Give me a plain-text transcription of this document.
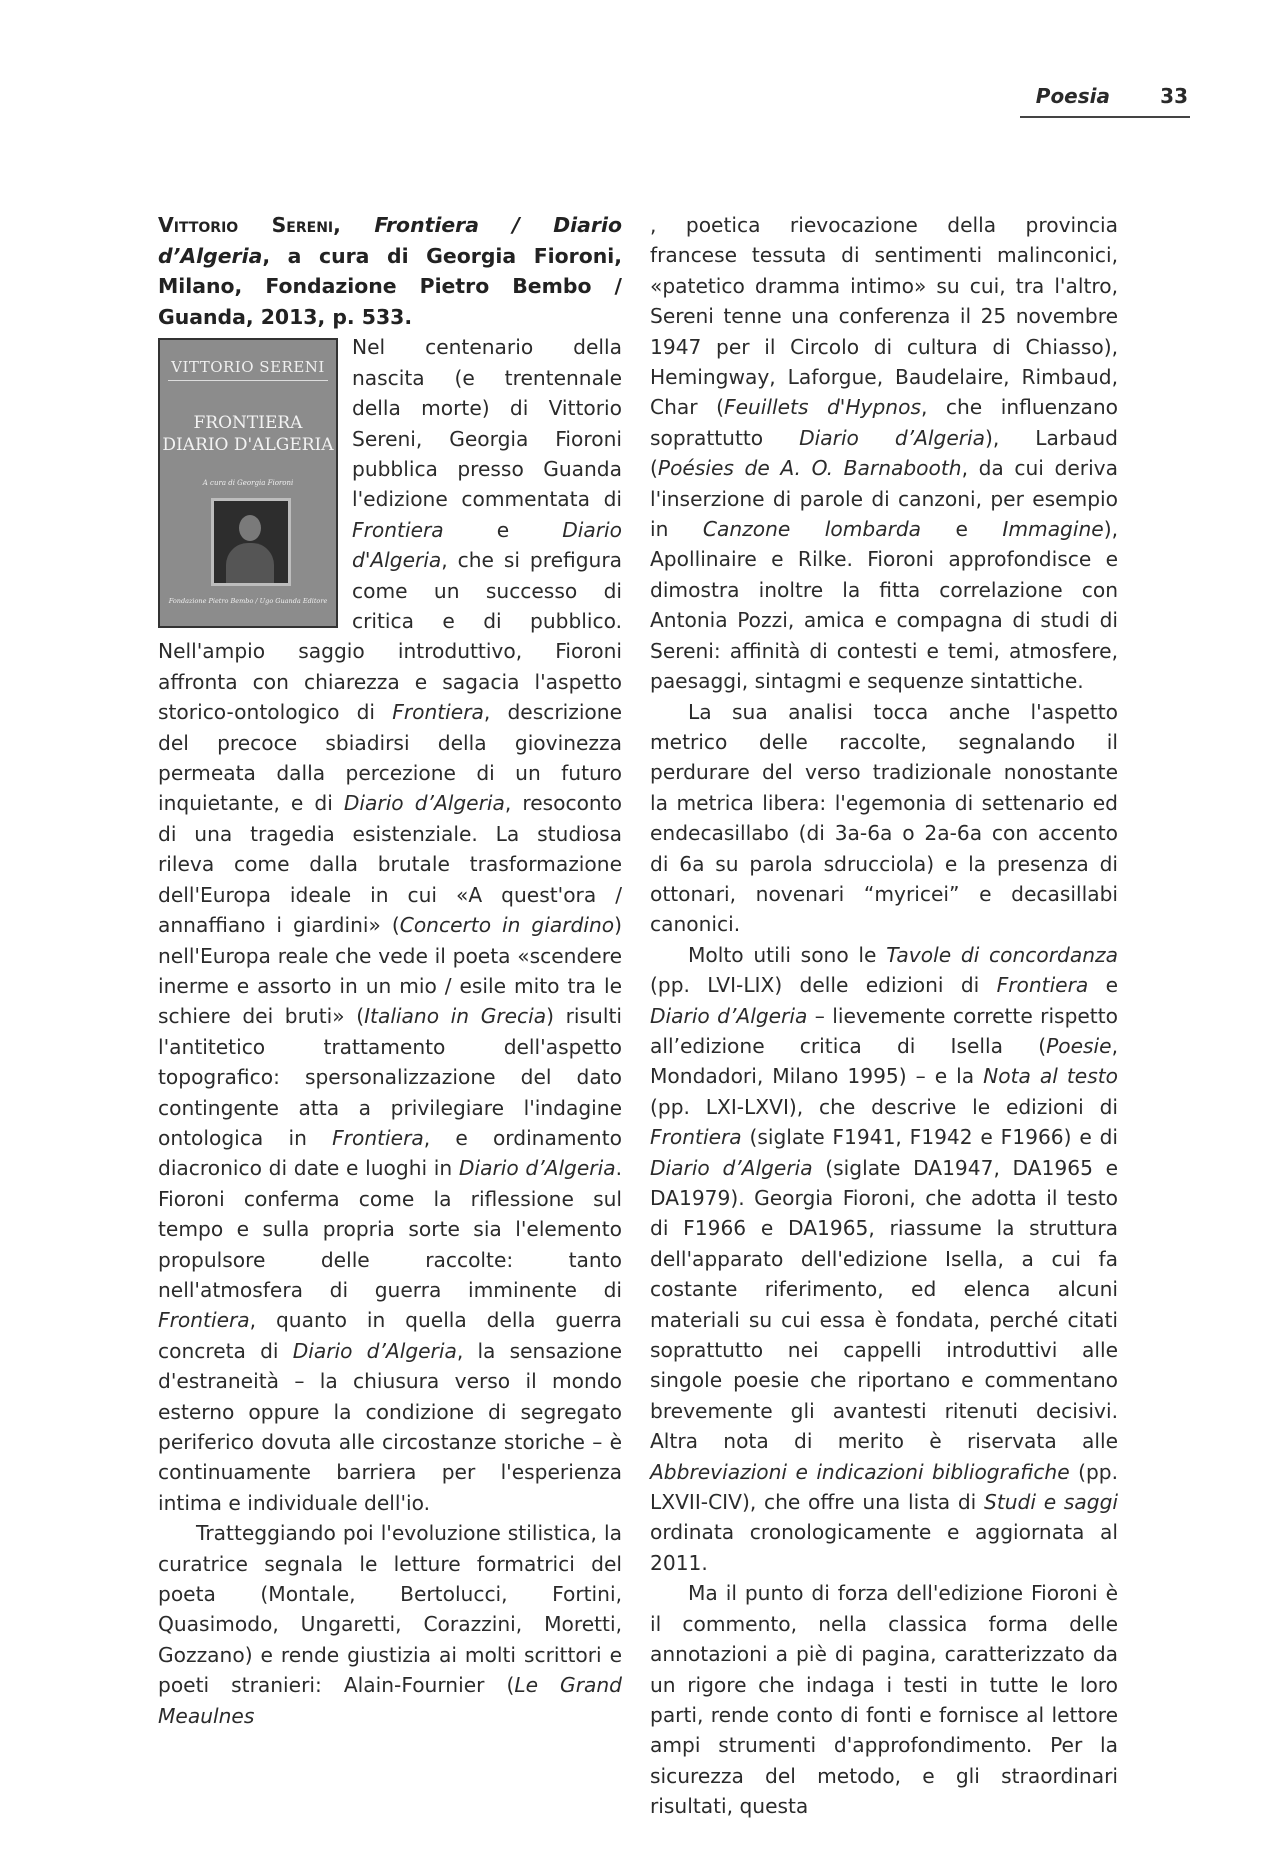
Poesia	33

Vittorio Sereni, Frontiera / Diario d’Algeria, a cura di Georgia Fioroni, Milano, Fondazione Pietro Bembo / Guanda, 2013, p. 533.

VITTORIO SERENI
FRONTIERA
DIARIO D'ALGERIA
A cura di Georgia Fioroni
Fondazione Pietro Bembo / Ugo Guanda Editore

Nel centenario della nascita (e trentennale della morte) di Vittorio Sereni, Georgia Fioroni pubblica presso Guanda l'edizione commentata di Frontiera e Diario d'Algeria, che si prefigura come un successo di critica e di pubblico. Nell'ampio saggio introduttivo, Fioroni affronta con chiarezza e sagacia l'aspetto storico-ontologico di Frontiera, descrizione del precoce sbiadirsi della giovinezza permeata dalla percezione di un futuro inquietante, e di Diario d’Algeria, resoconto di una tragedia esistenziale. La studiosa rileva come dalla brutale trasformazione dell'Europa ideale in cui «A quest'ora / annaffiano i giardini» (Concerto in giardino) nell'Europa reale che vede il poeta «scendere inerme e assorto in un mio / esile mito tra le schiere dei bruti» (Italiano in Grecia) risulti l'antitetico trattamento dell'aspetto topografico: spersonalizzazione del dato contingente atta a privilegiare l'indagine ontologica in Frontiera, e ordinamento diacronico di date e luoghi in Diario d’Algeria. Fioroni conferma come la riflessione sul tempo e sulla propria sorte sia l'elemento propulsore delle raccolte: tanto nell'atmosfera di guerra imminente di Frontiera, quanto in quella della guerra concreta di Diario d’Algeria, la sensazione d'estraneità – la chiusura verso il mondo esterno oppure la condizione di segregato periferico dovuta alle circostanze storiche – è continuamente barriera per l'esperienza intima e individuale dell'io.

Tratteggiando poi l'evoluzione stilistica, la curatrice segnala le letture formatrici del poeta (Montale, Bertolucci, Fortini, Quasimodo, Ungaretti, Corazzini, Moretti, Gozzano) e rende giustizia ai molti scrittori e poeti stranieri: Alain-Fournier (Le Grand Meaulnes

, poetica rievocazione della provincia francese tessuta di sentimenti malinconici, «patetico dramma intimo» su cui, tra l'altro, Sereni tenne una conferenza il 25 novembre 1947 per il Circolo di cultura di Chiasso), Hemingway, Laforgue, Baudelaire, Rimbaud, Char (Feuillets d'Hypnos, che influenzano soprattutto Diario d’Algeria), Larbaud (Poésies de A. O. Barnabooth, da cui deriva l'inserzione di parole di canzoni, per esempio in Canzone lombarda e Immagine), Apollinaire e Rilke. Fioroni approfondisce e dimostra inoltre la fitta correlazione con Antonia Pozzi, amica e compagna di studi di Sereni: affinità di contesti e temi, atmosfere, paesaggi, sintagmi e sequenze sintattiche.

La sua analisi tocca anche l'aspetto metrico delle raccolte, segnalando il perdurare del verso tradizionale nonostante la metrica libera: l'egemonia di settenario ed endecasillabo (di 3a-6a o 2a-6a con accento di 6a su parola sdrucciola) e la presenza di ottonari, novenari “myricei” e decasillabi canonici.

Molto utili sono le Tavole di concordanza (pp. LVI-LIX) delle edizioni di Frontiera e Diario d’Algeria – lievemente corrette rispetto all’edizione critica di Isella (Poesie, Mondadori, Milano 1995) – e la Nota al testo (pp. LXI-LXVI), che descrive le edizioni di Frontiera (siglate F1941, F1942 e F1966) e di Diario d’Algeria (siglate DA1947, DA1965 e DA1979). Georgia Fioroni, che adotta il testo di F1966 e DA1965, riassume la struttura dell'apparato dell'edizione Isella, a cui fa costante riferimento, ed elenca alcuni materiali su cui essa è fondata, perché citati soprattutto nei cappelli introduttivi alle singole poesie che riportano e commentano brevemente gli avantesti ritenuti decisivi. Altra nota di merito è riservata alle Abbreviazioni e indicazioni bibliografiche (pp. LXVII-CIV), che offre una lista di Studi e saggi ordinata cronologicamente e aggiornata al 2011.

Ma il punto di forza dell'edizione Fioroni è il commento, nella classica forma delle annotazioni a piè di pagina, caratterizzato da un rigore che indaga i testi in tutte le loro parti, rende conto di fonti e fornisce al lettore ampi strumenti d'approfondimento. Per la sicurezza del metodo, e gli straordinari risultati, questa
